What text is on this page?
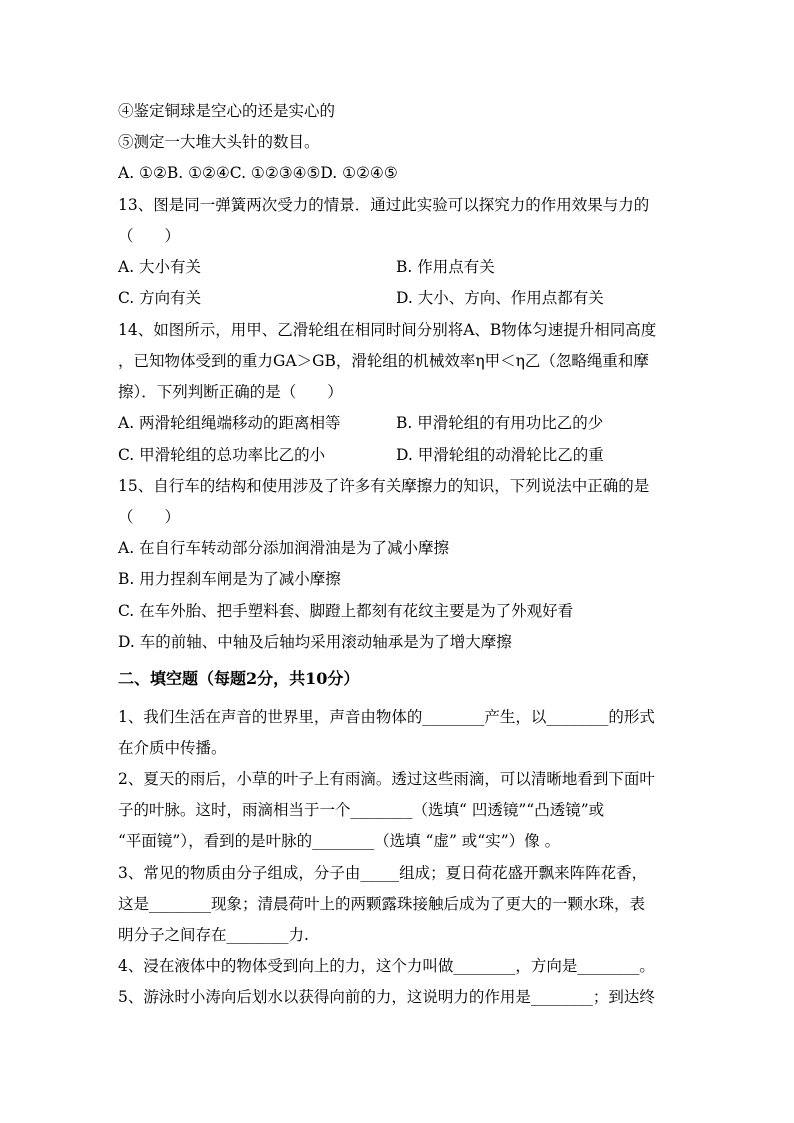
④鉴定铜球是空心的还是实心的
⑤测定一大堆大头针的数目。
A. ①②B. ①②④C. ①②③④⑤D. ①②④⑤
13、图是同一弹簧两次受力的情景．通过此实验可以探究力的作用效果与力的
（　　）
A. 大小有关	B. 作用点有关
C. 方向有关	D. 大小、方向、作用点都有关
14、如图所示，用甲、乙滑轮组在相同时间分别将A、B物体匀速提升相同高度
，已知物体受到的重力GA＞GB，滑轮组的机械效率η甲＜η乙（忽略绳重和摩
擦）．下列判断正确的是（　　）
A. 两滑轮组绳端移动的距离相等	B. 甲滑轮组的有用功比乙的少
C. 甲滑轮组的总功率比乙的小	D. 甲滑轮组的动滑轮比乙的重
15、自行车的结构和使用涉及了许多有关摩擦力的知识，下列说法中正确的是
（　　）
A. 在自行车转动部分添加润滑油是为了减小摩擦
B. 用力捏刹车闸是为了减小摩擦
C. 在车外胎、把手塑料套、脚蹬上都刻有花纹主要是为了外观好看
D. 车的前轴、中轴及后轴均采用滚动轴承是为了增大摩擦
二、填空题（每题2分，共10分）
1、我们生活在声音的世界里，声音由物体的________产生，以________的形式
在介质中传播。
2、夏天的雨后，小草的叶子上有雨滴。透过这些雨滴，可以清晰地看到下面叶
子的叶脉。这时，雨滴相当于一个________（选填“ 凹透镜”“凸透镜”或
“平面镜”），看到的是叶脉的________（选填 “虚” 或“实”）像 。
3、常见的物质由分子组成，分子由_____组成；夏日荷花盛开飘来阵阵花香，
这是________现象；清晨荷叶上的两颗露珠接触后成为了更大的一颗水珠，表
明分子之间存在________力.
4、浸在液体中的物体受到向上的力，这个力叫做________，方向是________。
5、游泳时小涛向后划水以获得向前的力，这说明力的作用是________；到达终
